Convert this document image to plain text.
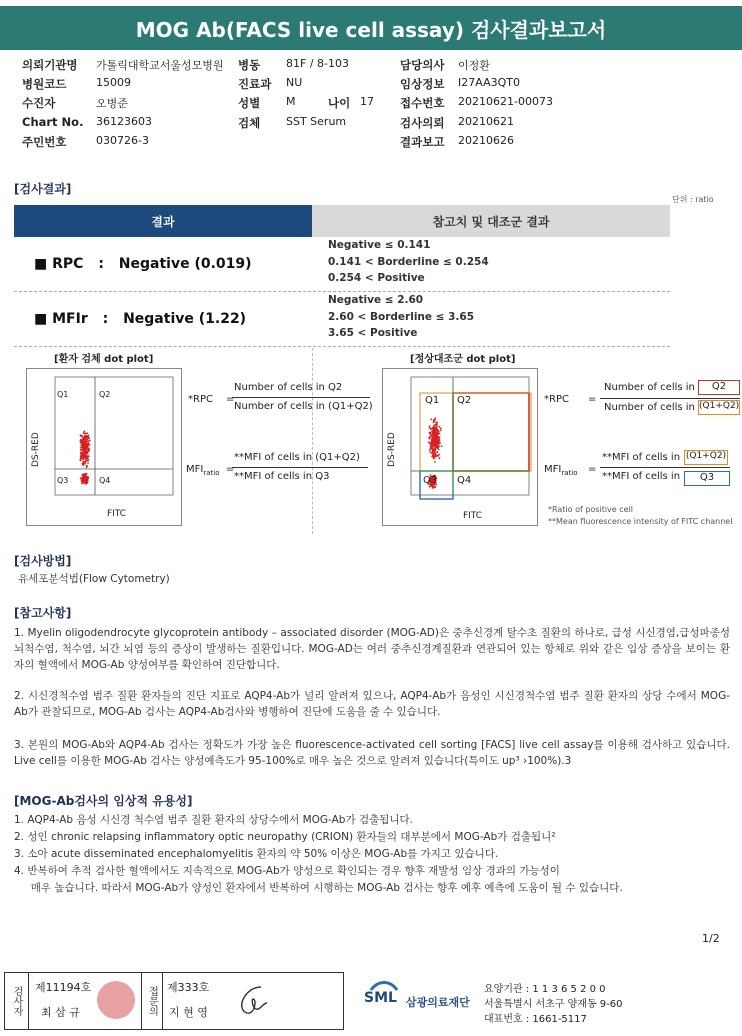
MOG Ab(FACS live cell assay) 검사결과보고서
의뢰기관명 가톨릭대학교서울성모병원
병원코드	15009
수진자	오병준
Chart No. 36123603
주민번호	030726-3
병동 81F / 8-103
진료과 NU
성별 M	나이 17
검체 SST Serum
담당의사 이정환
임상정보 I27AA3QT0
접수번호 20210621-00073
검사의뢰 20210621
결과보고 20210626
[검사결과]
단위 : ratio
결과	참고치 및 대조군 결과
■ RPC : Negative (0.019)
Negative ≤ 0.141
0.141 < Borderline ≤ 0.254
0.254 < Positive
■ MFIr : Negative (1.22)
Negative ≤ 2.60
2.60 < Borderline ≤ 3.65
3.65 < Positive
[환자 검체 dot plot]
Q1	Q2
Q3	Q4
DS-RED
FITC
*RPC =
Number of cells in Q2
Number of cells in (Q1+Q2)
$MFI_{ratio}$ =
**MFI of cells in (Q1+Q2)
**MFI of cells in Q3
[정상대조군 dot plot]
Q1 Q2
Q3 Q4
DS-RED
FITC
*RPC =
Number of cells in	Q2
Number of cells in (Q1+Q2)
$MFI_{ratio}$ =
**MFI of cells in (Q1+Q2)
**MFI of cells in	Q3
*Ratio of positive cell
**Mean fluorescence intensity of FITC channel
[검사방법]
유세포분석법(Flow Cytometry)
[참고사항]
1. Myelin oligodendrocyte glycoprotein antibody – associated disorder (MOG-AD)은 중추신경계 탈수초 질환의 하나로, 급성 시신경염,급성파종성 뇌척수염, 척수염, 뇌간 뇌염 등의 증상이 발생하는 질환입니다. MOG-AD는 여러 중추신경계질환과 연관되어 있는 항체로 위와 같은 임상 증상을 보이는 환자의 혈액에서 MOG-Ab 양성여부를 확인하여 진단합니다.
2. 시신경척수염 범주 질환 환자들의 진단 지표로 AQP4-Ab가 널리 알려져 있으나, AQP4-Ab가 음성인 시신경척수염 범주 질환 환자의 상당 수에서 MOG-Ab가 관찰되므로, MOG-Ab 검사는 AQP4-Ab검사와 병행하여 진단에 도움을 줄 수 있습니다.
3. 본원의 MOG-Ab와 AQP4-Ab 검사는 정확도가 가장 높은 fluorescence-activated cell sorting [FACS] live cell assay를 이용해 검사하고 있습니다. Live cell를 이용한 MOG-Ab 검사는 양성예측도가 95-100%로 매우 높은 것으로 알려져 있습니다(특이도 up³ ›100%).3
[MOG-Ab검사의 임상적 유용성]
1. AQP4-Ab 음성 시신경 척수염 범주 질환 환자의 상당수에서 MOG-Ab가 검출됩니다.
2. 성인 chronic relapsing inflammatory optic neuropathy (CRION) 환자들의 대부분에서 MOG-Ab가 검출됩니²
3. 소아 acute disseminated encephalomyelitis 환자의 약 50% 이상은 MOG-Ab를 가지고 있습니다.
4. 반복하여 추적 검사한 혈액에서도 지속적으로 MOG-Ab가 양성으로 확인되는 경우 향후 재발성 임상 경과의 가능성이
매우 높습니다. 따라서 MOG-Ab가 양성인 환자에서 반복하여 시행하는 MOG-Ab 검사는 향후 예후 예측에 도움이 될 수 있습니다.
1/2
검사자	제11194호
최 삼 규	접문의 제333호
지 현 영
SML 삼광의료재단
요양기관 : 1 1 3 6 5 2 0 0
서울특별시 서초구 양재동 9-60
대표번호 : 1661-5117
